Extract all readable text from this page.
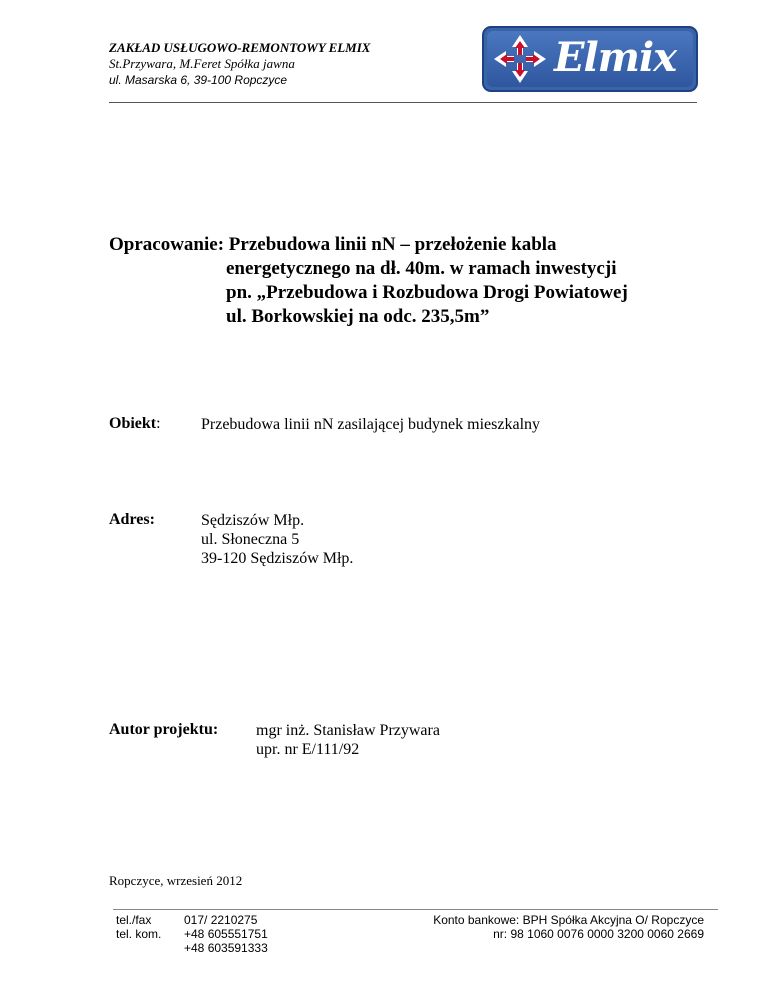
ZAKŁAD USŁUGOWO-REMONTOWY ELMIX
St.Przywara, M.Feret Spółka jawna
ul. Masarska 6, 39-100 Ropczyce	Elmix
Opracowanie: Przebudowa linii nN – przełożenie kabla
energetycznego na dł. 40m. w ramach inwestycji
pn. „Przebudowa i Rozbudowa Drogi Powiatowej
ul. Borkowskiej na odc. 235,5m”
Obiekt:	Przebudowa linii nN zasilającej budynek mieszkalny
Adres:	Sędziszów Młp.
ul. Słoneczna 5
39-120 Sędziszów Młp.
Autor projektu: mgr inż. Stanisław Przywara
upr. nr E/111/92
Ropczyce, wrzesień 2012
tel./fax	017/ 2210275
tel. kom.	+48 605551751
+48 603591333
Konto bankowe: BPH Spółka Akcyjna O/ Ropczyce
nr: 98 1060 0076 0000 3200 0060 2669
